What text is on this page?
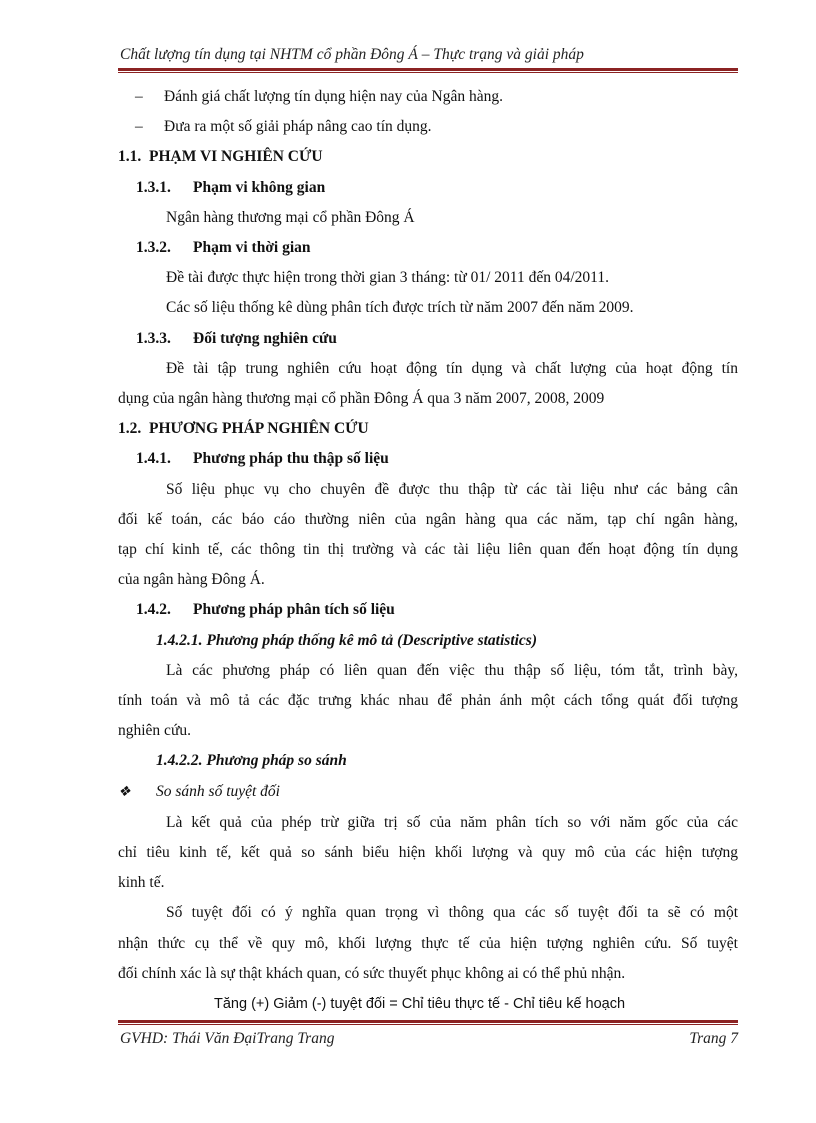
Chất lượng tín dụng tại NHTM cổ phần Đông Á – Thực trạng và giải pháp
– Đánh giá chất lượng tín dụng hiện nay của Ngân hàng.
– Đưa ra một số giải pháp nâng cao tín dụng.
1.1. PHẠM VI NGHIÊN CỨU
1.3.1. Phạm vi không gian
Ngân hàng thương mại cổ phần Đông Á
1.3.2. Phạm vi thời gian
Đề tài được thực hiện trong thời gian 3 tháng: từ 01/ 2011 đến 04/2011.
Các số liệu thống kê dùng phân tích được trích từ năm 2007 đến năm 2009.
1.3.3. Đối tượng nghiên cứu
Đề tài tập trung nghiên cứu hoạt động tín dụng và chất lượng của hoạt động tín
dụng của ngân hàng thương mại cổ phần Đông Á qua 3 năm 2007, 2008, 2009
1.2. PHƯƠNG PHÁP NGHIÊN CỨU
1.4.1. Phương pháp thu thập số liệu
Số liệu phục vụ cho chuyên đề được thu thập từ các tài liệu như các bảng cân
đối kế toán, các báo cáo thường niên của ngân hàng qua các năm, tạp chí ngân hàng,
tạp chí kinh tế, các thông tin thị trường và các tài liệu liên quan đến hoạt động tín dụng
của ngân hàng Đông Á.
1.4.2. Phương pháp phân tích số liệu
1.4.2.1. Phương pháp thống kê mô tả (Descriptive statistics)
Là các phương pháp có liên quan đến việc thu thập số liệu, tóm tắt, trình bày,
tính toán và mô tả các đặc trưng khác nhau để phản ánh một cách tổng quát đối tượng
nghiên cứu.
1.4.2.2. Phương pháp so sánh
❖ So sánh số tuyệt đối
Là kết quả của phép trừ giữa trị số của năm phân tích so với năm gốc của các
chỉ tiêu kinh tế, kết quả so sánh biểu hiện khối lượng và quy mô của các hiện tượng
kinh tế.
Số tuyệt đối có ý nghĩa quan trọng vì thông qua các số tuyệt đối ta sẽ có một
nhận thức cụ thể về quy mô, khối lượng thực tế của hiện tượng nghiên cứu. Số tuyệt
đối chính xác là sự thật khách quan, có sức thuyết phục không ai có thể phủ nhận.
Tăng (+) Giảm (-) tuyệt đối = Chỉ tiêu thực tế - Chỉ tiêu kế hoạch
GVHD: Thái Văn ĐạiTrang Trang	Trang 7
